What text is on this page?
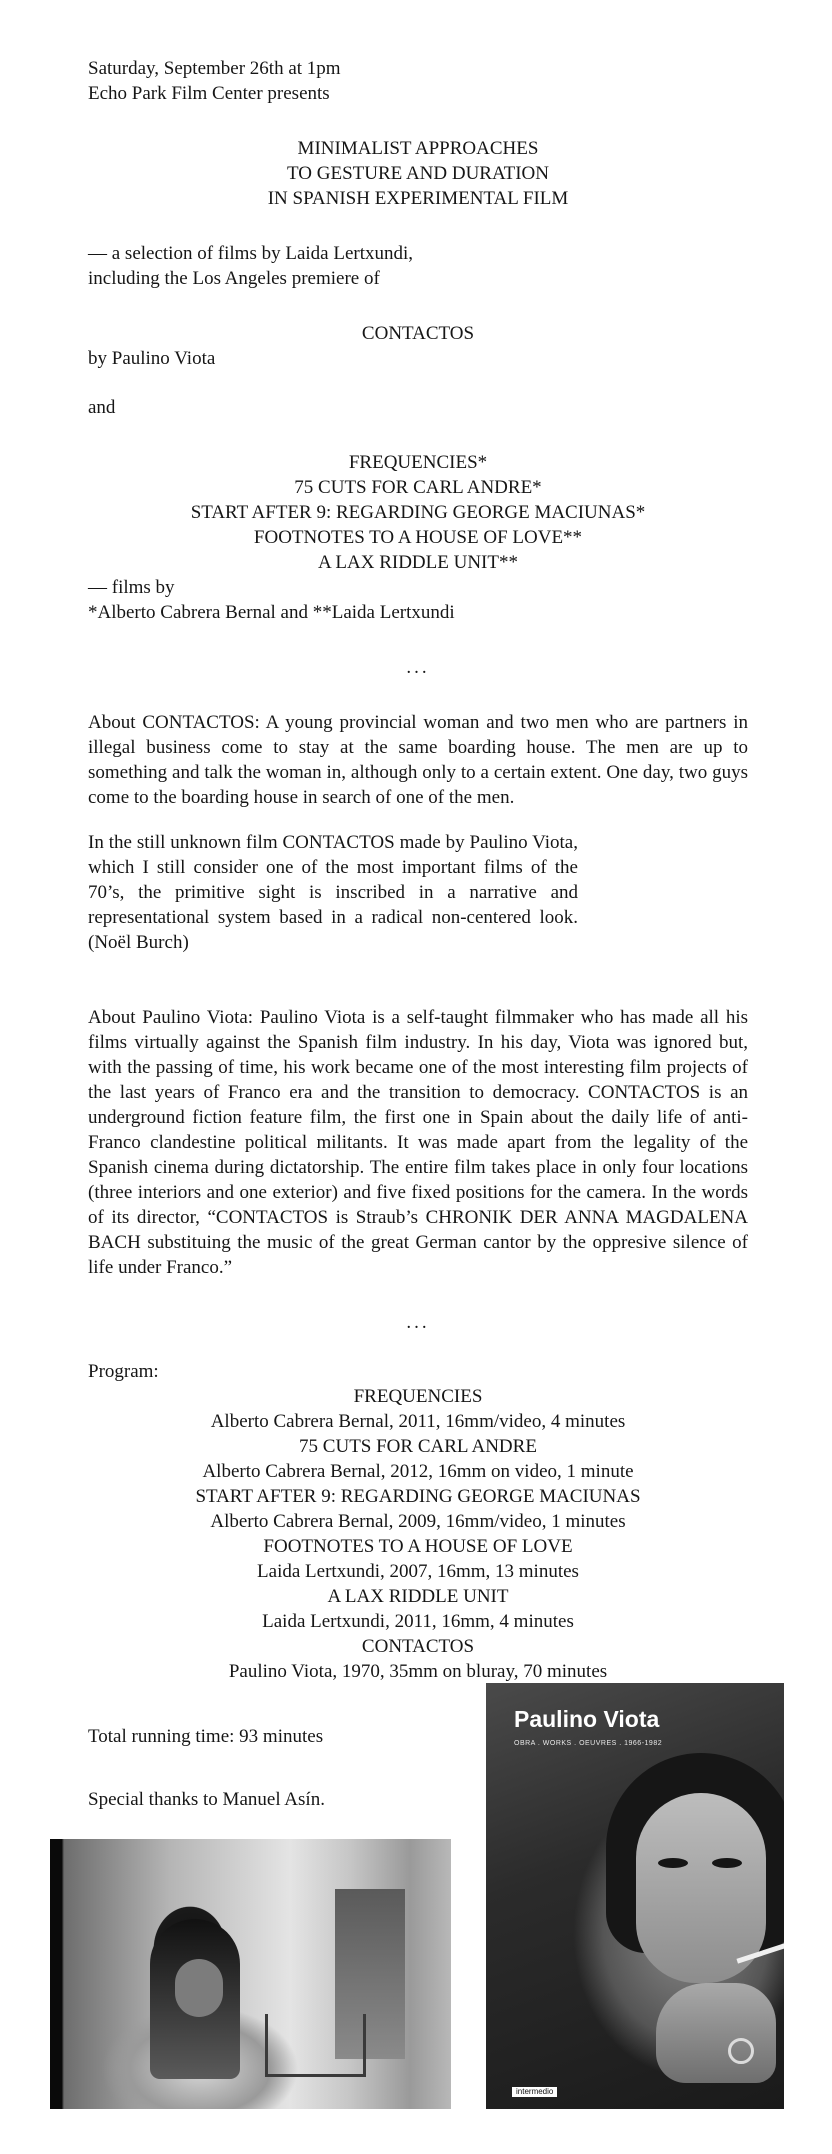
Saturday, September 26th at 1pm
Echo Park Film Center presents
MINIMALIST APPROACHES
TO GESTURE AND DURATION
IN SPANISH EXPERIMENTAL FILM
— a selection of films by Laida Lertxundi,
including the Los Angeles premiere of
CONTACTOS
by Paulino Viota
and
FREQUENCIES*
75 CUTS FOR CARL ANDRE*
START AFTER 9: REGARDING GEORGE MACIUNAS*
FOOTNOTES TO A HOUSE OF LOVE**
A LAX RIDDLE UNIT**
— films by
*Alberto Cabrera Bernal and **Laida Lertxundi
...

About CONTACTOS: A young provincial woman and two men who are partners in illegal business come to stay at the same boarding house. The men are up to something and talk the woman in, although only to a certain extent. One day, two guys come to the boarding house in search of one of the men.

In the still unknown film CONTACTOS made by Paulino Viota, which I still consider one of the most important films of the 70’s, the primitive sight is inscribed in a narrative and representational system based in a radical non-centered look. (Noël Burch)

About Paulino Viota: Paulino Viota is a self-taught filmmaker who has made all his films virtually against the Spanish film industry. In his day, Viota was ignored but, with the passing of time, his work became one of the most interesting film projects of the last years of Franco era and the transition to democracy. CONTACTOS is an underground fiction feature film, the first one in Spain about the daily life of anti-Franco clandestine political militants. It was made apart from the legality of the Spanish cinema during dictatorship. The entire film takes place in only four locations (three interiors and one exterior) and five fixed positions for the camera. In the words of its director, “CONTACTOS is Straub’s CHRONIK DER ANNA MAGDALENA BACH substituing the music of the great German cantor by the oppresive silence of life under Franco.”

...
Program:
FREQUENCIES
Alberto Cabrera Bernal, 2011, 16mm/video, 4 minutes
75 CUTS FOR CARL ANDRE
Alberto Cabrera Bernal, 2012, 16mm on video, 1 minute
START AFTER 9: REGARDING GEORGE MACIUNAS
Alberto Cabrera Bernal, 2009, 16mm/video, 1 minutes
FOOTNOTES TO A HOUSE OF LOVE
Laida Lertxundi, 2007, 16mm, 13 minutes
A LAX RIDDLE UNIT
Laida Lertxundi, 2011, 16mm, 4 minutes
CONTACTOS
Paulino Viota, 1970, 35mm on bluray, 70 minutes
Total running time: 93 minutes
Special thanks to Manuel Asín.
Paulino Viota
OBRA . WORKS . OEUVRES . 1966-1982
intermedio
